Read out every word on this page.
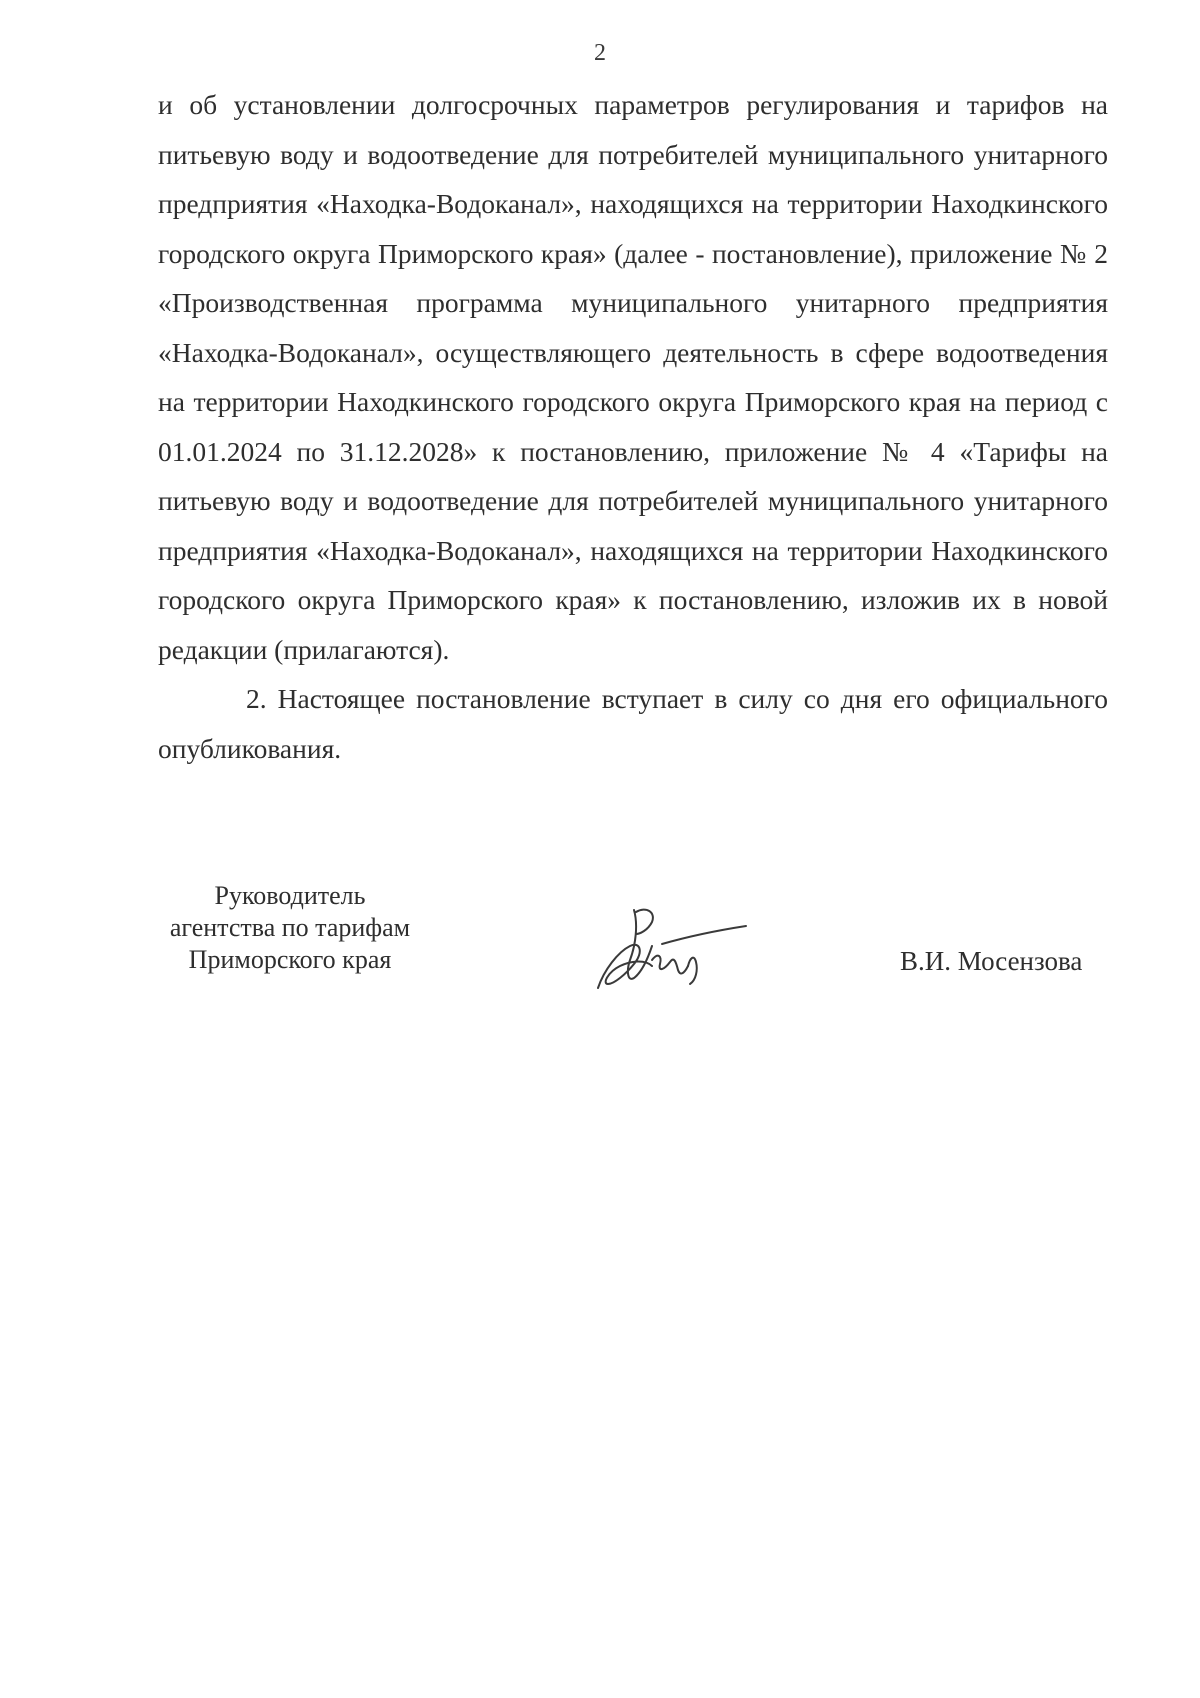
2

и об установлении долгосрочных параметров регулирования и тарифов на питьевую воду и водоотведение для потребителей муниципального унитарного предприятия «Находка-Водоканал», находящихся на территории Находкинского городского округа Приморского края» (далее - постановление), приложение № 2 «Производственная программа муниципального унитарного предприятия «Находка-Водоканал», осуществляющего деятельность в сфере водоотведения на территории Находкинского городского округа Приморского края на период с 01.01.2024 по 31.12.2028» к постановлению, приложение № 4 «Тарифы на питьевую воду и водоотведение для потребителей муниципального унитарного предприятия «Находка-Водоканал», находящихся на территории Находкинского городского округа Приморского края» к постановлению, изложив их в новой редакции (прилагаются).

2. Настоящее постановление вступает в силу со дня его официального опубликования.

Руководитель
агентства по тарифам
Приморского края	В.И. Мосензова
